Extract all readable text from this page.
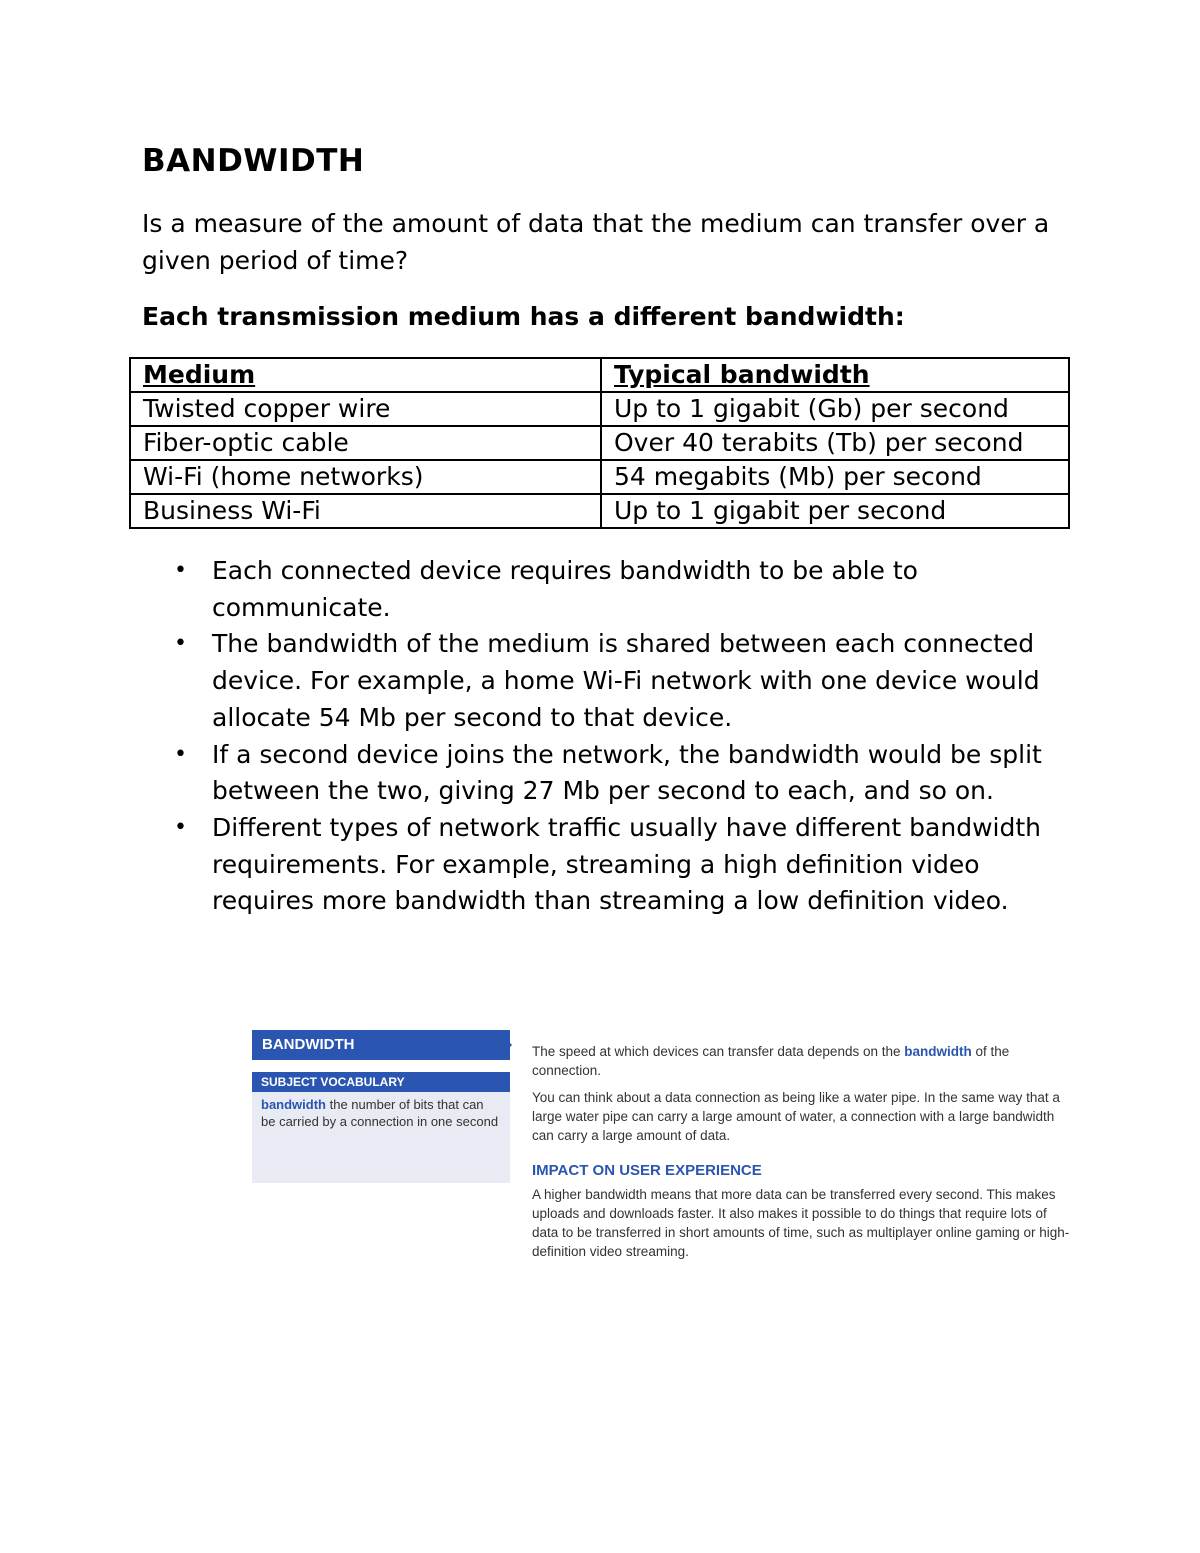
BANDWIDTH

Is a measure of the amount of data that the medium can transfer over a given period of time?

Each transmission medium has a different bandwidth:

Medium	Typical bandwidth
Twisted copper wire	Up to 1 gigabit (Gb) per second
Fiber-optic cable	Over 40 terabits (Tb) per second
Wi-Fi (home networks)	54 megabits (Mb) per second
Business Wi-Fi	Up to 1 gigabit per second
• Each connected device requires bandwidth to be able to communicate.
• The bandwidth of the medium is shared between each connected device. For example, a home Wi-Fi network with one device would allocate 54 Mb per second to that device.
• If a second device joins the network, the bandwidth would be split between the two, giving 27 Mb per second to each, and so on.
• Different types of network traffic usually have different bandwidth requirements. For example, streaming a high definition video requires more bandwidth than streaming a low definition video.
BANDWIDTH
SUBJECT VOCABULARY
bandwidth the number of bits that can be carried by a connection in one second

The speed at which devices can transfer data depends on the bandwidth of the connection.

You can think about a data connection as being like a water pipe. In the same way that a large water pipe can carry a large amount of water, a connection with a large bandwidth can carry a large amount of data.

IMPACT ON USER EXPERIENCE

A higher bandwidth means that more data can be transferred every second. This makes uploads and downloads faster. It also makes it possible to do things that require lots of data to be transferred in short amounts of time, such as multiplayer online gaming or high-definition video streaming.
